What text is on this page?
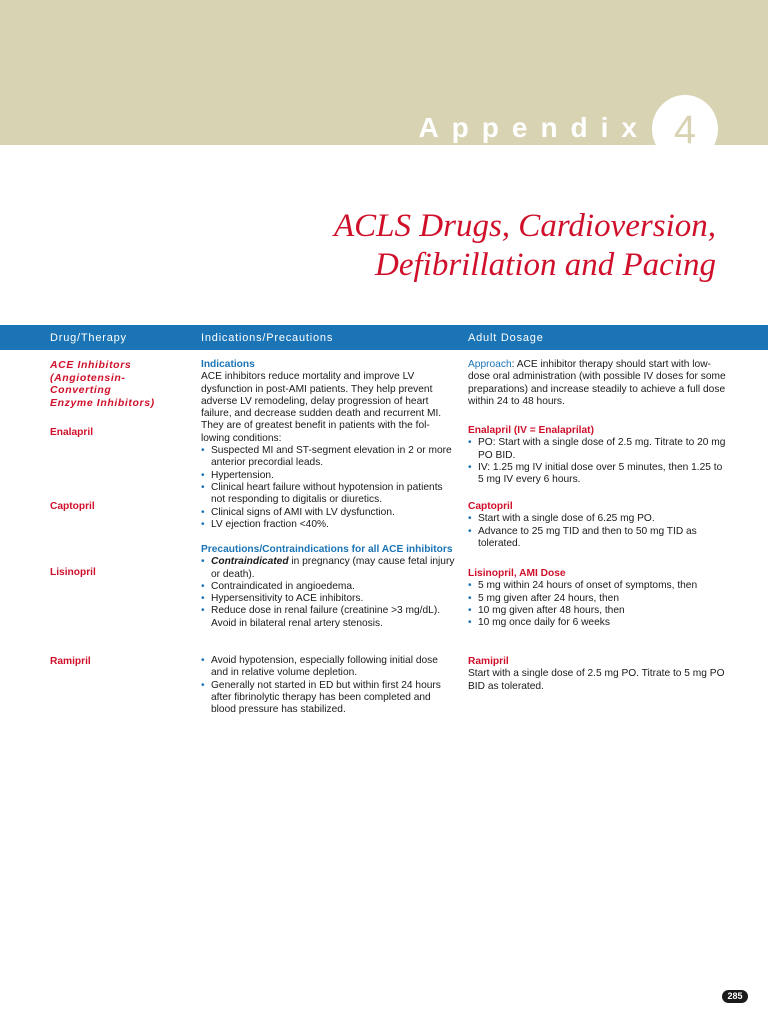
Appendix 4
ACLS Drugs, Cardioversion,
Defibrillation and Pacing
Drug/Therapy	Indications/Precautions	Adult Dosage
ACE Inhibitors
(Angiotensin-
Converting
Enzyme Inhibitors)
Enalapril
Captopril
Lisinopril
Ramipril

Indications

ACE inhibitors reduce mortality and improve LV dysfunction in post-AMI patients. They help prevent adverse LV remodeling, delay progression of heart failure, and decrease sudden death and recurrent MI. They are of greatest benefit in patients with the fol-lowing conditions:

• Suspected MI and ST-segment elevation in 2 or more anterior precordial leads.
• Hypertension.
• Clinical heart failure without hypotension in patients not responding to digitalis or diuretics.
• Clinical signs of AMI with LV dysfunction.
• LV ejection fraction <40%.

Precautions/Contraindications for all ACE inhibitors

• Contraindicated in pregnancy (may cause fetal injury or death).
• Contraindicated in angioedema.
• Hypersensitivity to ACE inhibitors.
• Reduce dose in renal failure (creatinine >3 mg/dL). Avoid in bilateral renal artery stenosis.
• Avoid hypotension, especially following initial dose and in relative volume depletion.
• Generally not started in ED but within first 24 hours after fibrinolytic therapy has been completed and blood pressure has stabilized.

Approach: ACE inhibitor therapy should start with low-dose oral administration (with possible IV doses for some preparations) and increase steadily to achieve a full dose within 24 to 48 hours.

Enalapril (IV = Enalaprilat)

• PO: Start with a single dose of 2.5 mg. Titrate to 20 mg PO BID.
• IV: 1.25 mg IV initial dose over 5 minutes, then 1.25 to 5 mg IV every 6 hours.

Captopril

• Start with a single dose of 6.25 mg PO.
• Advance to 25 mg TID and then to 50 mg TID as tolerated.

Lisinopril, AMI Dose

• 5 mg within 24 hours of onset of symptoms, then
• 5 mg given after 24 hours, then
• 10 mg given after 48 hours, then
• 10 mg once daily for 6 weeks

Ramipril

Start with a single dose of 2.5 mg PO. Titrate to 5 mg PO BID as tolerated.

285
